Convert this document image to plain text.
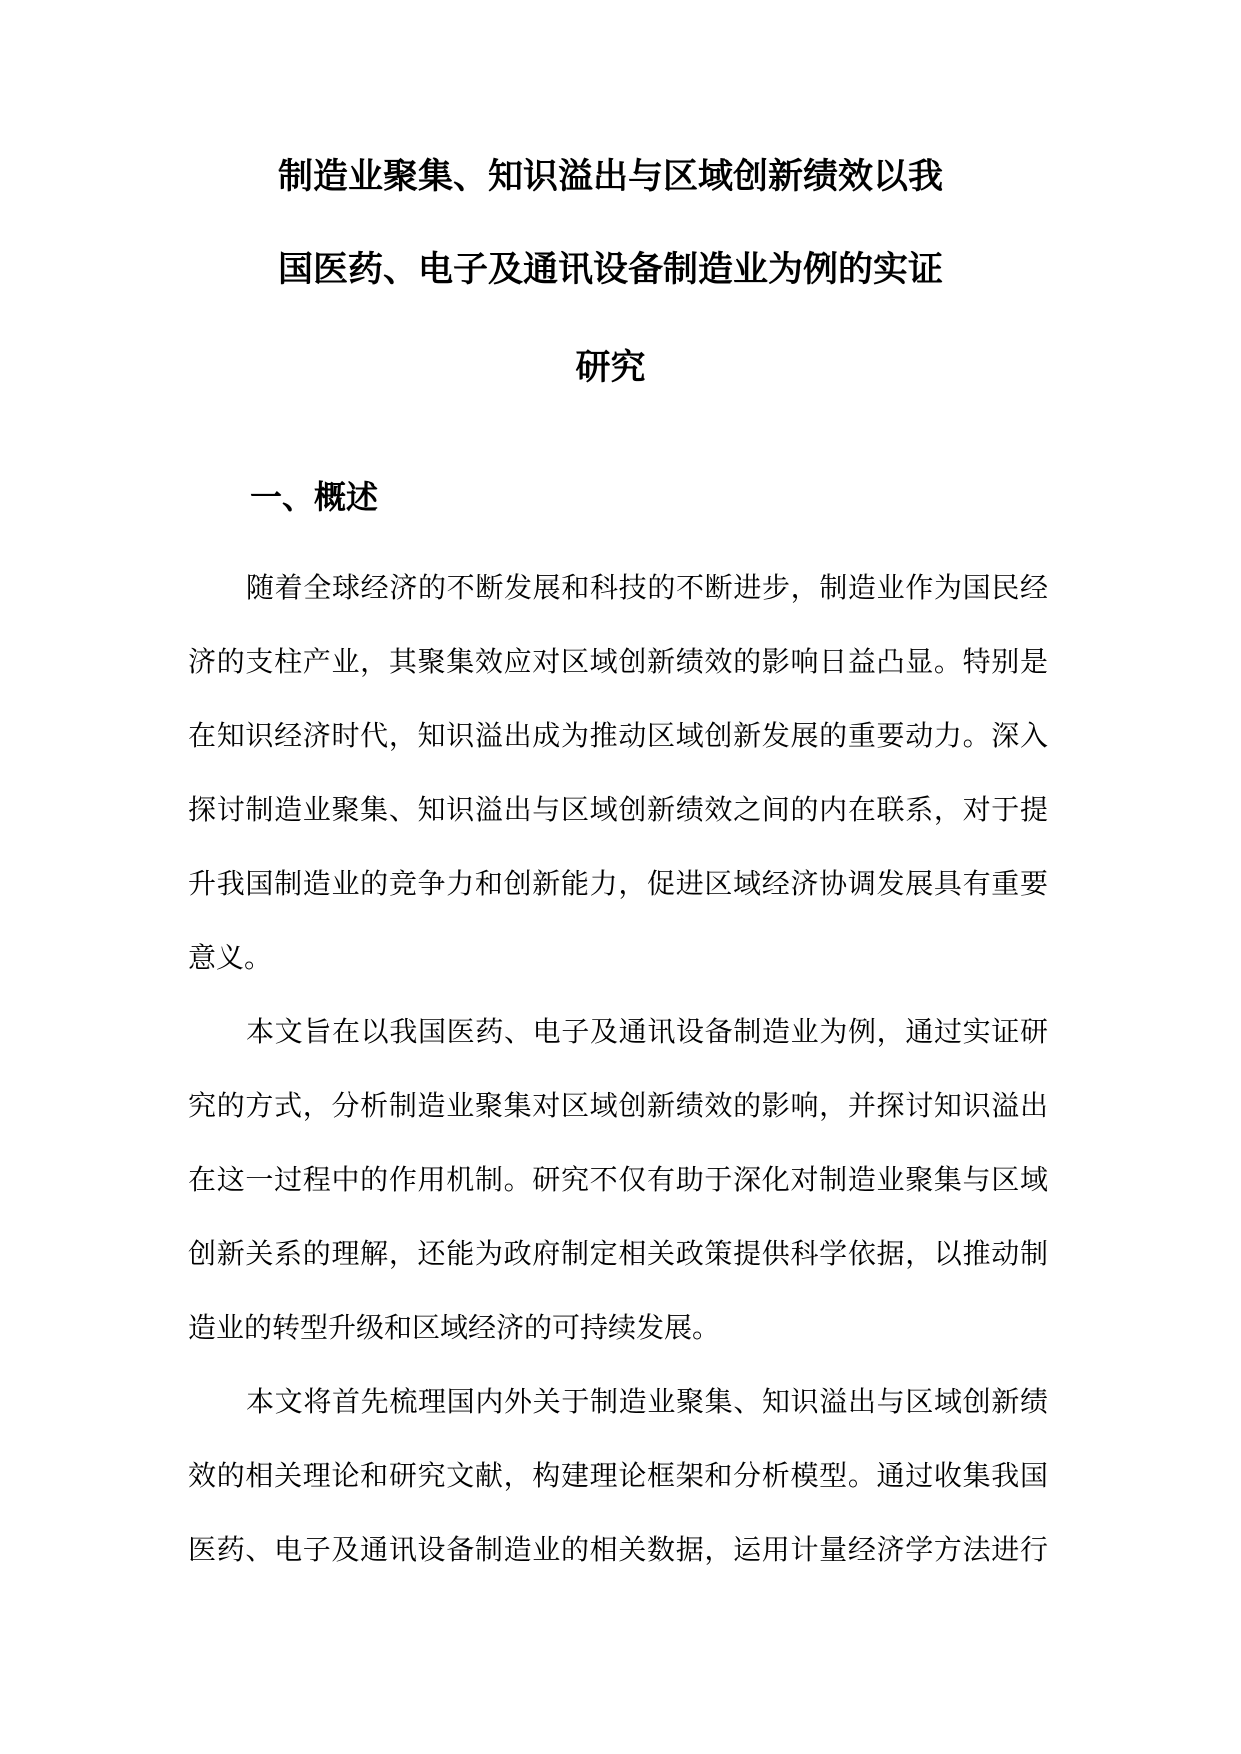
制造业聚集、知识溢出与区域创新绩效以我
国医药、电子及通讯设备制造业为例的实证
研究
一、概述
随着全球经济的不断发展和科技的不断进步，制造业作为国民经
济的支柱产业，其聚集效应对区域创新绩效的影响日益凸显。特别是
在知识经济时代，知识溢出成为推动区域创新发展的重要动力。深入
探讨制造业聚集、知识溢出与区域创新绩效之间的内在联系，对于提
升我国制造业的竞争力和创新能力，促进区域经济协调发展具有重要
意义。
本文旨在以我国医药、电子及通讯设备制造业为例，通过实证研
究的方式，分析制造业聚集对区域创新绩效的影响，并探讨知识溢出
在这一过程中的作用机制。研究不仅有助于深化对制造业聚集与区域
创新关系的理解，还能为政府制定相关政策提供科学依据，以推动制
造业的转型升级和区域经济的可持续发展。
本文将首先梳理国内外关于制造业聚集、知识溢出与区域创新绩
效的相关理论和研究文献，构建理论框架和分析模型。通过收集我国
医药、电子及通讯设备制造业的相关数据，运用计量经济学方法进行
